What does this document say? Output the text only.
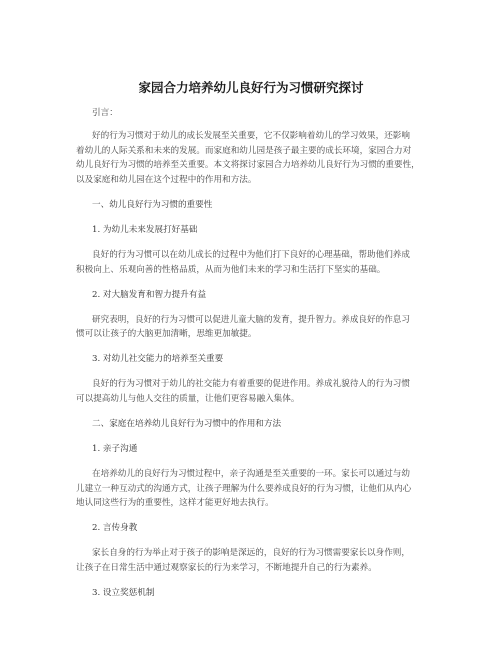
家园合力培养幼儿良好行为习惯研究探讨
引言：
好的行为习惯对于幼儿的成长发展至关重要，它不仅影响着幼儿的学习效果，还影响
着幼儿的人际关系和未来的发展。而家庭和幼儿园是孩子最主要的成长环境，家园合力对
幼儿良好行为习惯的培养至关重要。本文将探讨家园合力培养幼儿良好行为习惯的重要性，
以及家庭和幼儿园在这个过程中的作用和方法。
一、幼儿良好行为习惯的重要性
1. 为幼儿未来发展打好基础
良好的行为习惯可以在幼儿成长的过程中为他们打下良好的心理基础，帮助他们养成
积极向上、乐观向善的性格品质，从而为他们未来的学习和生活打下坚实的基础。
2. 对大脑发育和智力提升有益
研究表明，良好的行为习惯可以促进儿童大脑的发育，提升智力。养成良好的作息习
惯可以让孩子的大脑更加清晰，思维更加敏捷。
3. 对幼儿社交能力的培养至关重要
良好的行为习惯对于幼儿的社交能力有着重要的促进作用。养成礼貌待人的行为习惯
可以提高幼儿与他人交往的质量，让他们更容易融入集体。
二、家庭在培养幼儿良好行为习惯中的作用和方法
1. 亲子沟通
在培养幼儿的良好行为习惯过程中，亲子沟通是至关重要的一环。家长可以通过与幼
儿建立一种互动式的沟通方式，让孩子理解为什么要养成良好的行为习惯，让他们从内心
地认同这些行为的重要性，这样才能更好地去执行。
2. 言传身教
家长自身的行为举止对于孩子的影响是深远的，良好的行为习惯需要家长以身作则，
让孩子在日常生活中通过观察家长的行为来学习，不断地提升自己的行为素养。
3. 设立奖惩机制
